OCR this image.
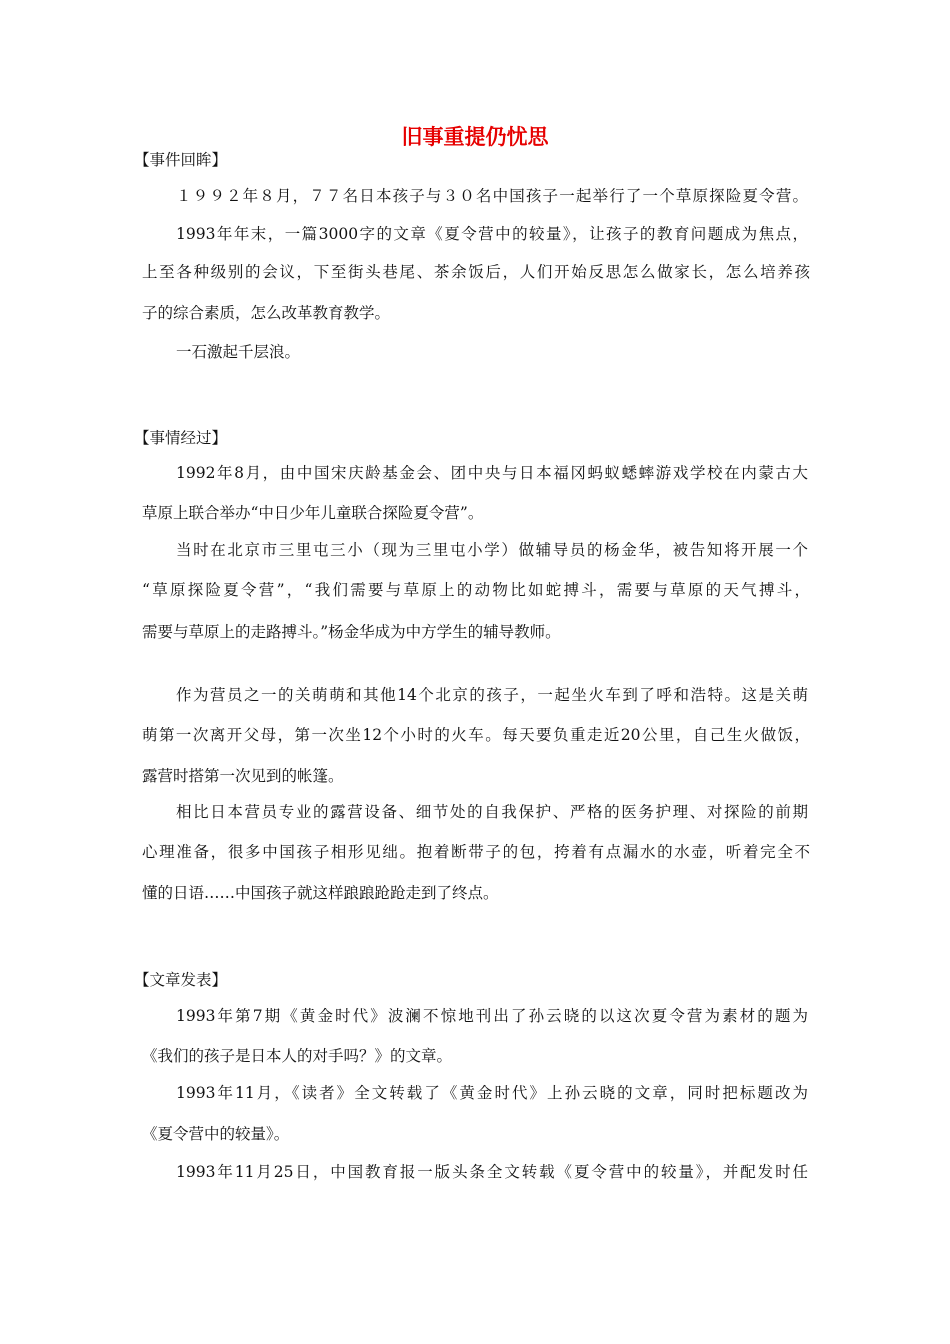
旧事重提仍忧思
【事件回眸】
１９９２年８月，７７名日本孩子与３０名中国孩子一起举行了一个草原探险夏令营。
1993年年末，一篇3000字的文章《夏令营中的较量》，让孩子的教育问题成为焦点，
上至各种级别的会议，下至街头巷尾、茶余饭后，人们开始反思怎么做家长，怎么培养孩
子的综合素质，怎么改革教育教学。
一石激起千层浪。
【事情经过】
1992年8月，由中国宋庆龄基金会、团中央与日本福冈蚂蚁蟋蟀游戏学校在内蒙古大
草原上联合举办“中日少年儿童联合探险夏令营”。
当时在北京市三里屯三小（现为三里屯小学）做辅导员的杨金华，被告知将开展一个
“草原探险夏令营”，“我们需要与草原上的动物比如蛇搏斗，需要与草原的天气搏斗，
需要与草原上的走路搏斗。”杨金华成为中方学生的辅导教师。
作为营员之一的关萌萌和其他14个北京的孩子，一起坐火车到了呼和浩特。这是关萌
萌第一次离开父母，第一次坐12个小时的火车。每天要负重走近20公里，自己生火做饭，
露营时搭第一次见到的帐篷。
相比日本营员专业的露营设备、细节处的自我保护、严格的医务护理、对探险的前期
心理准备，很多中国孩子相形见绌。抱着断带子的包，挎着有点漏水的水壶，听着完全不
懂的日语……中国孩子就这样踉踉跄跄走到了终点。
【文章发表】
1993年第7期《黄金时代》波澜不惊地刊出了孙云晓的以这次夏令营为素材的题为
《我们的孩子是日本人的对手吗？》的文章。
1993年11月，《读者》全文转载了《黄金时代》上孙云晓的文章，同时把标题改为
《夏令营中的较量》。
1993年11月25日，中国教育报一版头条全文转载《夏令营中的较量》，并配发时任
